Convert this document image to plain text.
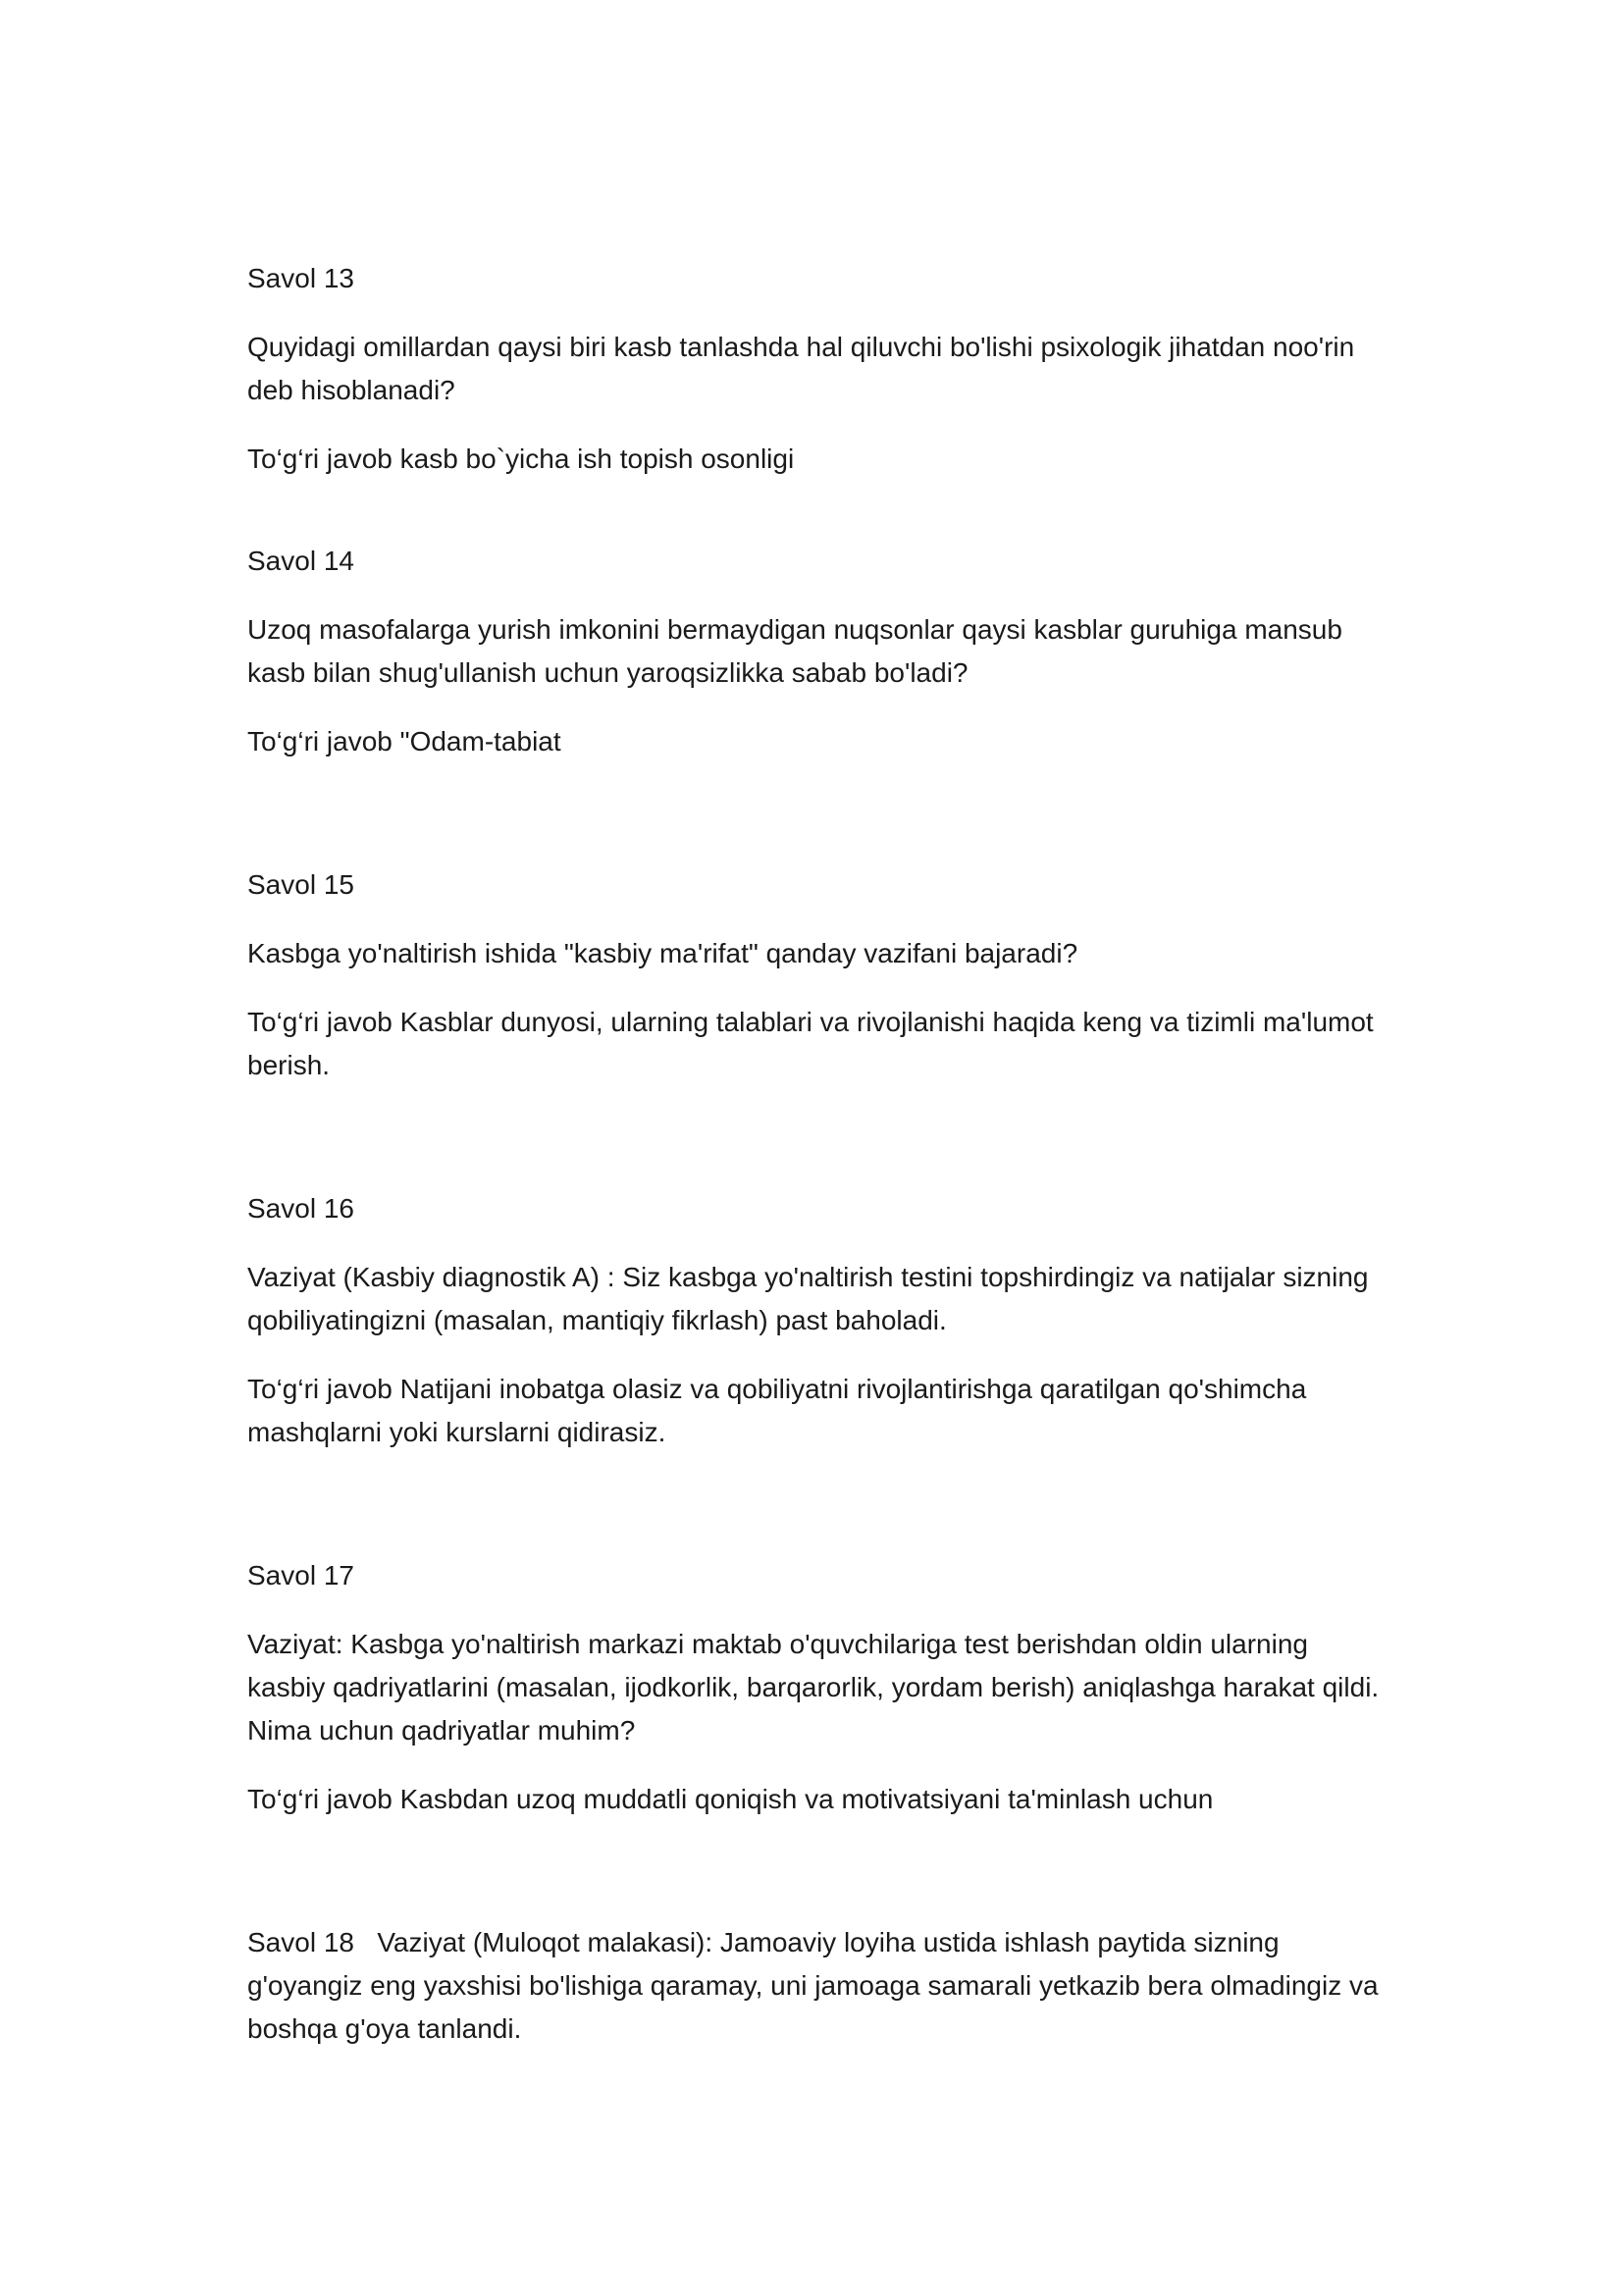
Savol 13

Quyidagi omillardan qaysi biri kasb tanlashda hal qiluvchi bo'lishi psixologik jihatdan noo'rin deb hisoblanadi?

To‘g‘ri javob kasb bo`yicha ish topish osonligi

Savol 14

Uzoq masofalarga yurish imkonini bermaydigan nuqsonlar qaysi kasblar guruhiga mansub kasb bilan shug'ullanish uchun yaroqsizlikka sabab bo'ladi?

To‘g‘ri javob "Odam-tabiat

Savol 15

Kasbga yo'naltirish ishida "kasbiy ma'rifat" qanday vazifani bajaradi?

To‘g‘ri javob Kasblar dunyosi, ularning talablari va rivojlanishi haqida keng va tizimli ma'lumot berish.

Savol 16

Vaziyat (Kasbiy diagnostik A) : Siz kasbga yo'naltirish testini topshirdingiz va natijalar sizning qobiliyatingizni (masalan, mantiqiy fikrlash) past baholadi.

To‘g‘ri javob Natijani inobatga olasiz va qobiliyatni rivojlantirishga qaratilgan qo'shimcha mashqlarni yoki kurslarni qidirasiz.

Savol 17

Vaziyat: Kasbga yo'naltirish markazi maktab o'quvchilariga test berishdan oldin ularning kasbiy qadriyatlarini (masalan, ijodkorlik, barqarorlik, yordam berish) aniqlashga harakat qildi. Nima uchun qadriyatlar muhim?

To‘g‘ri javob Kasbdan uzoq muddatli qoniqish va motivatsiyani ta'minlash uchun

Savol 18 Vaziyat (Muloqot malakasi): Jamoaviy loyiha ustida ishlash paytida sizning g'oyangiz eng yaxshisi bo'lishiga qaramay, uni jamoaga samarali yetkazib bera olmadingiz va boshqa g'oya tanlandi.
